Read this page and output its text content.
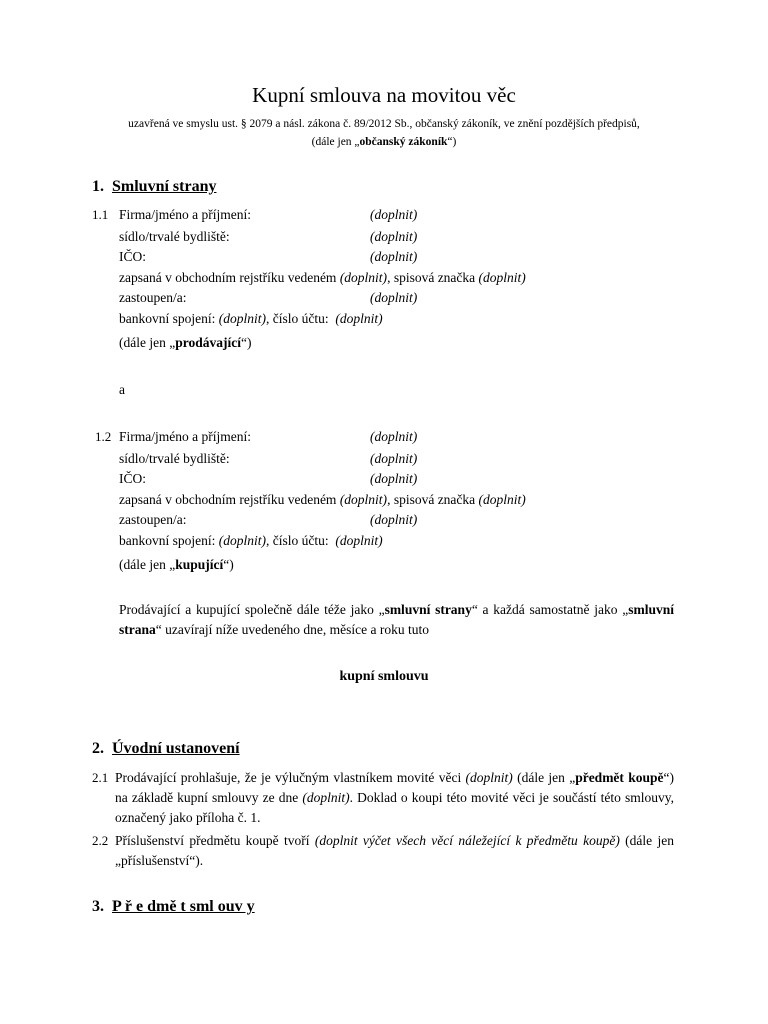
Kupní smlouva na movitou věc
uzavřená ve smyslu ust. § 2079 a násl. zákona č. 89/2012 Sb., občanský zákoník, ve znění pozdějších předpisů,
(dále jen „občanský zákoník“)
1. Smluvní strany
1.1 Firma/jméno a příjmení:	(doplnit)
sídlo/trvalé bydliště:	(doplnit)
IČO:	(doplnit)
zapsaná v obchodním rejstříku vedeném (doplnit), spisová značka (doplnit)
zastoupen/a:	(doplnit)
bankovní spojení: (doplnit), číslo účtu: (doplnit)
(dále jen „prodávající“)
a
1.2 Firma/jméno a příjmení:	(doplnit)
sídlo/trvalé bydliště:	(doplnit)
IČO:	(doplnit)
zapsaná v obchodním rejstříku vedeném (doplnit), spisová značka (doplnit)
zastoupen/a:	(doplnit)
bankovní spojení: (doplnit), číslo účtu: (doplnit)
(dále jen „kupující“)
Prodávající a kupující společně dále téže jako „smluvní strany“ a každá samostatně jako „smluvní strana“ uzavírají níže uvedeného dne, měsíce a roku tuto
kupní smlouvu
2. Úvodní ustanovení
2.1 Prodávající prohlašuje, že je výlučným vlastníkem movité věci (doplnit) (dále jen „předmět koupě“) na základě kupní smlouvy ze dne (doplnit). Doklad o koupi této movité věci je součástí této smlouvy, označený jako příloha č. 1.
2.2 Příslušenství předmětu koupě tvoří (doplnit výčet všech věcí náležející k předmětu koupě) (dále jen „příslušenství“).
3. P ř e dmě t sml ouv y
